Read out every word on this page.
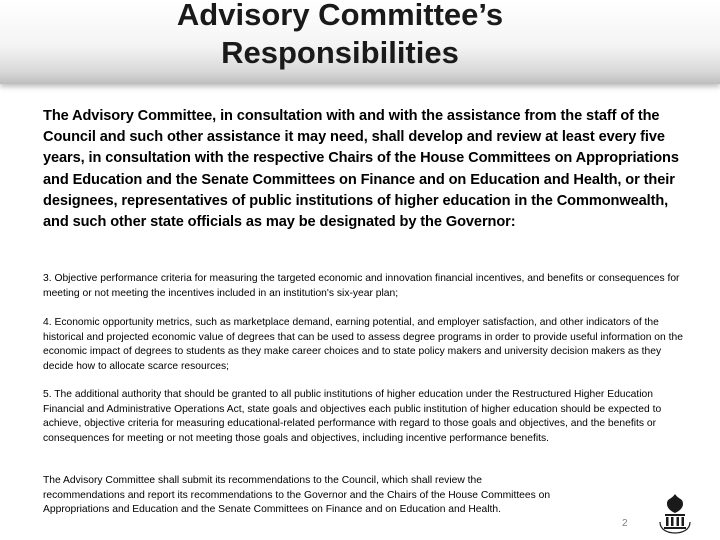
Advisory Committee’s Responsibilities

The Advisory Committee, in consultation with and with the assistance from the staff of the Council and such other assistance it may need, shall develop and review at least every five years, in consultation with the respective Chairs of the House Committees on Appropriations and Education and the Senate Committees on Finance and on Education and Health, or their designees, representatives of public institutions of higher education in the Commonwealth, and such other state officials as may be designated by the Governor:

3. Objective performance criteria for measuring the targeted economic and innovation financial incentives, and benefits or consequences for meeting or not meeting the incentives included in an institution's six-year plan;

4. Economic opportunity metrics, such as marketplace demand, earning potential, and employer satisfaction, and other indicators of the historical and projected economic value of degrees that can be used to assess degree programs in order to provide useful information on the economic impact of degrees to students as they make career choices and to state policy makers and university decision makers as they decide how to allocate scarce resources;

5. The additional authority that should be granted to all public institutions of higher education under the Restructured Higher Education Financial and Administrative Operations Act, state goals and objectives each public institution of higher education should be expected to achieve, objective criteria for measuring educational-related performance with regard to those goals and objectives, and the benefits or consequences for meeting or not meeting those goals and objectives, including incentive performance benefits.

The Advisory Committee shall submit its recommendations to the Council, which shall review the recommendations and report its recommendations to the Governor and the Chairs of the House Committees on Appropriations and Education and the Senate Committees on Finance and on Education and Health.

2
